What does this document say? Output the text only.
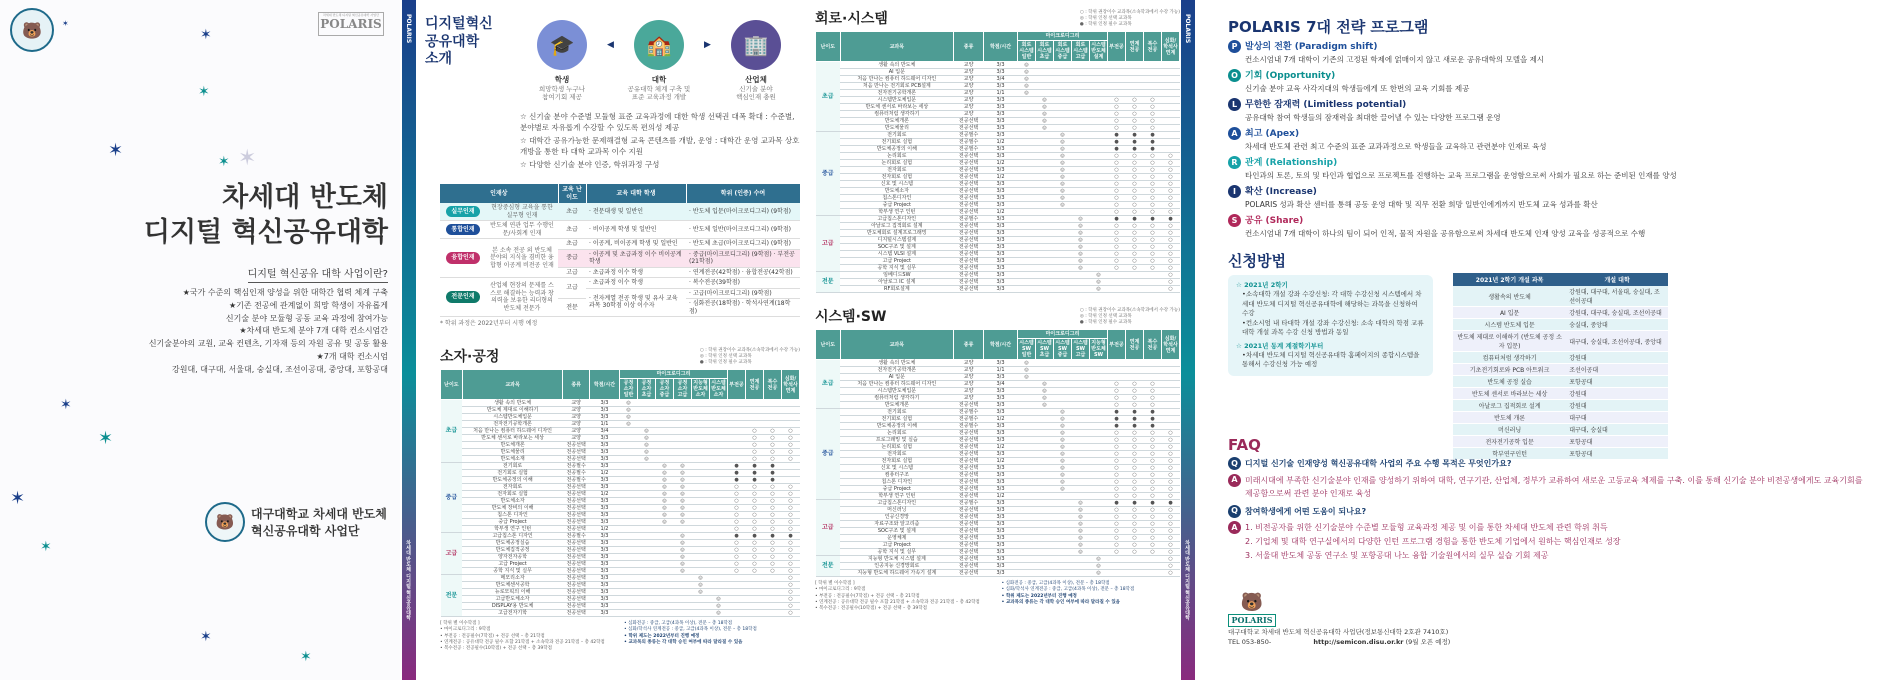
🐻
차세대 반도체 디지털 혁신공유대학 사업단
POLARIS
✶
✶
✶ ✶
✶
✶
✶
✶
✶
✶
✶
✶
차세대 반도체
디지털 혁신공유대학
디지털 혁신공유 대학 사업이란?
★국가 수준의 핵심인재 양성을 위한 대학간 협력 체계 구축
★기존 전공에 관계없이 희망 학생이 자유롭게
신기술 분야 모듈형 공동 교육 과정에 참여가능
★차세대 반도체 분야 7개 대학 컨소시엄간
신기술분야의 교원, 교육 컨텐츠, 기자재 등의 자원 공유 및 공동 활용
★7개 대학 컨소시엄
강원대, 대구대, 서울대, 숭실대, 조선이공대, 중앙대, 포항공대
🐻	대구대학교 차세대 반도체
혁신공유대학 사업단
POLARIS
차세대 반도체 디지털 혁신공유대학
디지털혁신
공유대학
소개
🎓
학생
희망학생 누구나
참여기회 제공
◀	🏫
대학
공유대학 체계 구축 및
표준 교육과정 개발
▶	🏢
산업체
신기술 분야
핵심인재 충원
☆ 신기술 분야 수준별 모듈형 표준 교육과정에 대한 학생 선택권 대폭 확대 : 수준별, 분야별로 자유롭게 수강할 수 있도록 편의성 제공
☆ 대학간 공유가능한 문제해결형 교육 콘텐츠를 개발, 운영 : 대학간 운영 교과목 상호개방을 통한 타 대학 교과목 이수 지원
☆ 다양한 신기술 분야 인증, 학위과정 구성
인재상		교육 난이도	교육 대학 학생	학위 (인증) 수여
실무인재	현장중심형 교육을 통한 실무형 인재	초급	· 전문대생 및 일반인	· 반도체 입문(마이크로디그리) (9학점)
통합인재	반도체 연관 업무 수행인문/사회계 인재	초급	· 비이공계 학생 및 일반인	· 반도체 일반(마이크로디그리) (9학점)
융합인재	본 소속 전공 외 반도체 분야의 지식을 겸비한 융합형 이공계 비전공 인재	초급	· 이공계, 비이공계 학생 및 일반인	· 반도체 초급(마이크로디그리) (9학점)
		중급	· 이공계 및 초급과정 이수 비이공계 학생	· 중급(마이크로디그리) (9학점) · 부전공(21학점)
		고급	· 초급과정 이수 학생	· 연계전공(42학점) · 융합전공(42학점)
전문인재	산업체 현장의 문제를 스스로 해결하는 능력과 창의력을 보유한 리더형의 반도체 전문가	고급	· 초급과정 이수 학생	· 복수전공(39학점)
			· 전자계열 전공 학생 및 유사 교육과목 30학점 이상 이수자	· 고급(마이크로디그리) (9학점)
		전문		· 심화전공(18학점) · 학석사연계(18학점)
* 학위 과정은 2022년부터 시행 예정
소자·공정	○ : 학위 권장이수 교과목(소속학과에서 수강 가능)
◎ : 학위 인정 선택 교과목
● : 학위 인정 필수 교과목
난이도	교과목	종류	학점/시간	마이크로디그리						부전공	연계 전공	복수 전공	심화/ 학석사 연계
				공정 소자 일반	공정 소자 초급	공정 소자 중급	공정 소자 고급	지능형 반도체 소자	시스템 반도체 소자				
초급	생활 속의 반도체	교양	3/3	◎									
	반도체 제대로 이해하기	교양	3/3	◎									
	시스템반도체입문	교양	3/3	◎									
	전자전기공학개론	교양	1/1	◎									
	처음 만나는 컴퓨터 하드웨어 디자인	교양	3/4		◎						○	○	○
	반도체 센서로 바라보는 세상	교양	3/3		◎						○	○	○
	반도체개론	전공선택	3/3		◎						○	○	○
	반도체물리	전공선택	3/3		◎						○	○	○
	반도체소재	전공선택	3/3		◎						○	○	○
중급	전기회로	전공필수	3/3			◎	◎			●	●	●	
	전기회로 실험	전공필수	1/2			◎	◎			●	●	●	
	반도체공정의 이해	전공필수	3/3			◎	◎			●	●	●	
	전자회로	전공선택	3/3			◎	◎			○	○	○	○
	전자회로 실험	전공선택	1/2			◎	◎			○	○	○	○
	반도체소자	전공선택	3/3			◎	◎			○	○	○	○
	반도체 장비의 이해	전공선택	3/3			◎	◎			○	○	○	○
	칩스톤 디자인	전공선택	3/3			◎	◎			○	○	○	○
	중급 Project	전공선택	3/3			◎	◎			○	○	○	○
	학부생 연구 인턴	전공선택	1/2							○	○	○	○
고급	고급칩스톤 디자인	전공필수	3/3				◎			●	●	●	●
	반도체공정실습	전공선택	3/3				◎			○	○	○	○
	반도체집적공정	전공선택	3/3				◎			○	○	○	○
	양자전자공학	전공선택	3/3				◎			○	○	○	○
	고급 Project	전공선택	3/3				◎			○	○	○	○
	공학 지식 및 실무	전공선택	3/3				◎			○	○	○	○
전문	메모리소자	전공선택	3/3					◎					○
	반도체센서공학	전공선택	3/3					◎					○
	뉴로모픽의 이해	전공선택	3/3					◎					○
	고급반도체소자	전공선택	3/3						◎				○
	DISPLAY용 반도체	전공선택	3/3						◎				○
	고급전자기학	전공선택	3/3						◎				○
[ 학위 별 이수학점 ]
• 마이크로디그리 : 9학점
• 부전공 : 전공필수(7학점) + 전공 선택 – 총 21학점
• 연계전공 : 공유대학 전공 필수 포함 21학점 + 소속학과 전공 21학점 – 총 42학점
• 복수전공 : 전공필수(10학점) + 전공 선택 – 총 39학점
• 심화전공 : 중급, 고급(4과목 이상), 전문 – 총 18학점
• 심화/학석사 연계전공 : 중급, 고급(4과목 이상), 전문 – 총 18학점
• 학위 제도는 2022년부터 진행 예정
• 교과목의 종류는 각 대학 승인 여부에 따라 달라질 수 있음
회로·시스템	○ : 학위 권장이수 교과목(소속학과에서 수강 가능)
◎ : 학위 인정 선택 교과목
● : 학위 인정 필수 교과목
난이도	교과목	종류	학점/시간	마이크로디그리					부전공	연계 전공	복수 전공	심화/ 학석사 연계
				회로 시스템 일반	회로 시스템 초급	회로 시스템 중급	회로 시스템 고급	시스템 반도체 설계				
초급	생활 속의 반도체	교양	3/3	◎								
	AI 입문	교양	3/3	◎								
	처음 만나는 컴퓨터 하드웨어 디자인	교양	3/4	◎								
	처음 만나는 전기회로 PCB설계	교양	3/3	◎								
	전자전기공학개론	교양	1/1	◎								
	시스템반도체입문	교양	3/3		◎				○	○	○	
	반도체 센서로 바라보는 세상	교양	3/3		◎				○	○	○	
	컴퓨터처럼 생각하기	교양	3/3		◎				○	○	○	
	반도체개론	전공선택	3/3		◎				○	○	○	
	반도체물리	전공선택	3/3		◎				○	○	○	
중급	전기회로	전공필수	3/3			◎			●	●	●	
	전기회로 실험	전공필수	1/2			◎			●	●	●	
	반도체공정의 이해	전공필수	3/3			◎			●	●	●	
	논리회로	전공선택	3/3			◎			○	○	○	○
	논리회로 실험	전공선택	1/2			◎			○	○	○	○
	전자회로	전공선택	3/3			◎			○	○	○	○
	전자회로 실험	전공선택	1/2			◎			○	○	○	○
	신호 및 시스템	전공선택	3/3			◎			○	○	○	○
	반도체소자	전공선택	3/3			◎			○	○	○	○
	칩스톤디자인	전공선택	3/3			◎			○	○	○	○
	중급 Project	전공선택	3/3			◎			○	○	○	○
	학부생 연구 인턴	전공선택	1/2						○	○	○	○
고급	고급칩스톤디자인	전공필수	3/3				◎		●	●	●	●
	아날로그 집적회로 설계	전공선택	3/3				◎		○	○	○	○
	반도체회로 설계프로그래밍	전공선택	3/3				◎		○	○	○	○
	디지털시스템설계	전공선택	3/3				◎		○	○	○	○
	SOC구조 및 설계	전공선택	3/3				◎		○	○	○	○
	시스템 VLSI 설계	전공선택	3/3				◎		○	○	○	○
	고급 Project	전공선택	3/3				◎		○	○	○	○
	공학 지식 및 실무	전공선택	3/3				◎		○	○	○	○
전문	임베디드SW	전공선택	3/3					◎				○
	아날로그 IC 설계	전공선택	3/3					◎				○
	RF회로설계	전공선택	3/3					◎				○
시스템·SW	○ : 학위 권장이수 교과목(소속학과에서 수강 가능)
◎ : 학위 인정 선택 교과목
● : 학위 인정 필수 교과목
난이도	교과목	종류	학점/시간	마이크로디그리					부전공	연계 전공	복수 전공	심화/ 학석사 연계
				시스템 SW 일반	시스템 SW 초급	시스템 SW 중급	시스템 SW 고급	지능형 반도체 SW				
초급	생활 속의 반도체	교양	3/3	◎								
	전자전기공학개론	교양	1/1	◎								
	AI 입문	교양	3/3	◎								
	처음 만나는 컴퓨터 하드웨어 디자인	교양	3/4		◎				○	○	○	
	시스템반도체입문	교양	3/3		◎				○	○	○	
	컴퓨터처럼 생각하기	교양	3/3		◎				○	○	○	
	반도체개론	전공선택	3/3		◎				○	○	○	
중급	전기회로	전공필수	3/3			◎			●	●	●	
	전기회로 실험	전공필수	1/2			◎			●	●	●	
	반도체공정의 이해	전공필수	3/3			◎			●	●	●	
	논리회로	전공선택	3/3			◎			○	○	○	○
	프로그래밍 및 실습	전공선택	3/3			◎			○	○	○	○
	논리회로 실험	전공선택	1/2			◎			○	○	○	○
	전자회로	전공선택	3/3			◎			○	○	○	○
	전자회로 실험	전공선택	1/2			◎			○	○	○	○
	신호 및 시스템	전공선택	3/3			◎			○	○	○	○
	컴퓨터구조	전공선택	3/3			◎			○	○	○	○
	칩스톤 디자인	전공선택	3/3			◎			○	○	○	○
	중급 Project	전공선택	3/3			◎			○	○	○	○
	학부생 연구 인턴	전공선택	1/2						○	○	○	○
고급	고급칩스톤디자인	전공필수	3/3				◎		●	●	●	●
	머신러닝	전공선택	3/3				◎		○	○	○	○
	인공신경망	전공선택	3/3				◎		○	○	○	○
	자료구조와 알고리즘	전공선택	3/3				◎		○	○	○	○
	SOC구조 및 설계	전공선택	3/3				◎		○	○	○	○
	운영체제	전공선택	3/3				◎		○	○	○	○
	고급 Project	전공선택	3/3				◎		○	○	○	○
	공학 지식 및 실무	전공선택	3/3				◎		○	○	○	○
전문	지능형 반도체 시스템 설계	전공선택	3/3					◎				○
	인공지능 신경망회로	전공선택	3/3					◎				○
	지능형 반도체 하드웨어 가속기 설계	전공선택	3/3					◎				○
[ 학위 별 이수학점 ]
• 마이크로디그리 : 9학점
• 부전공 : 전공필수(7학점) + 전공 선택 – 총 21학점
• 연계전공 : 공유대학 전공 필수 포함 21학점 + 소속학과 전공 21학점 – 총 42학점
• 복수전공 : 전공필수(10학점) + 전공 선택 – 총 39학점
• 심화전공 : 중급, 고급(4과목 이상), 전문 – 총 18학점
• 심화/학석사 연계전공 : 중급, 고급(4과목 이상), 전문 – 총 18학점
• 학위 제도는 2022년부터 진행 예정
• 교과목의 종류는 각 대학 승인 여부에 따라 달라질 수 있음
POLARIS
차세대 반도체 디지털 혁신공유대학
POLARIS 7대 전략 프로그램
P 발상의 전환 (Paradigm shift)
컨소시엄내 7개 대학이 기존의 고정된 학제에 얽매이지 않고 새로운 공유대학의 모델을 제시
O 기회 (Opportunity)
신기술 분야 교육 사각지대의 학생들에게 또 한번의 교육 기회를 제공
L 무한한 잠재력 (Limitless potential)
공유대학 참여 학생들의 잠재력을 최대한 끌어낼 수 있는 다양한 프로그램 운영
A 최고 (Apex)
차세대 반도체 관련 최고 수준의 표준 교과과정으로 학생들을 교육하고 관련분야 인재로 육성
R 관계 (Relationship)
타인과의 토론, 토의 및 타인과 협업으로 프로젝트를 진행하는 교육 프로그램을 운영함으로써 사회가 필요로 하는 준비된 인재를 양성
I 확산 (Increase)
POLARIS 성과 확산 센터를 통해 공동 운영 대학 및 직무 전환 희망 일반인에게까지 반도체 교육 성과를 확산
S 공유 (Share)
컨소시엄내 7개 대학이 하나의 팀이 되어 인적, 물적 자원을 공유함으로써 차세대 반도체 인재 양성 교육을 성공적으로 수행
신청방법
☆ 2021년 2학기
•소속대학 개설 강좌 수강신청: 각 대학 수강신청 시스템에서 차세대 반도체 디지털 혁신공유대학에 해당하는 과목을 신청하여 수강
•컨소시엄 내 타대학 개설 강좌 수강신청: 소속 대학의 학점 교류 대학 개설 과목 수강 신청 방법과 동일
☆ 2021년 동계 계절학기부터
•차세대 반도체 디지털 혁신공유대학 홈페이지의 종합시스템을 통해서 수강신청 가능 예정
2021년 2학기 개설 과목	개설 대학
생활속의 반도체	강원대, 대구대, 서울대, 숭실대, 조선이공대
AI 입문	강원대, 대구대, 숭실대, 조선이공대
시스템 반도체 입문	숭실대, 중앙대
반도체 제대로 이해하기 (반도체 공정 소자 입문)	대구대, 숭실대, 조선이공대, 중앙대
컴퓨터처럼 생각하기	강원대
기초전기회로와 PCB 아트워크	조선이공대
반도체 공정 실습	포항공대
반도체 센서로 바라보는 세상	강원대
아날로그 집적회로 설계	강원대
반도체 개론	대구대
머신러닝	대구대, 숭실대
전자전기공학 입문	포항공대
학부연구인턴	포항공대
FAQ
Q 디지털 신기술 인재양성 혁신공유대학 사업의 주요 수행 목적은 무엇인가요?
A 미래시대에 부족한 신기술분야 인재를 양성하기 위하여 대학, 연구기관, 산업체, 정부가 교류하여 새로운 고등교육 체제를 구축. 이를 통해 신기술 분야 비전공생에게도 교육기회를 제공함으로써 관련 분야 인재로 육성
Q 참여학생에게 어떤 도움이 되나요?
A 1. 비전공자를 위한 신기술분야 수준별 모듈형 교육과정 제공 및 이를 통한 차세대 반도체 관련 학위 취득
2. 기업체 및 대학 연구실에서의 다양한 인턴 프로그램 경험을 통한 반도체 기업에서 원하는 핵심인재로 성장
3. 서울대 반도체 공동 연구소 및 포항공대 나노 융합 기술원에서의 실무 실습 기회 제공
🐻
POLARIS
대구대학교 차세대 반도체 혁신공유대학 사업단(정보통신대학 2호관 7410호)
TEL 053-850-	http://semicon.disu.or.kr (9월 오픈 예정)
